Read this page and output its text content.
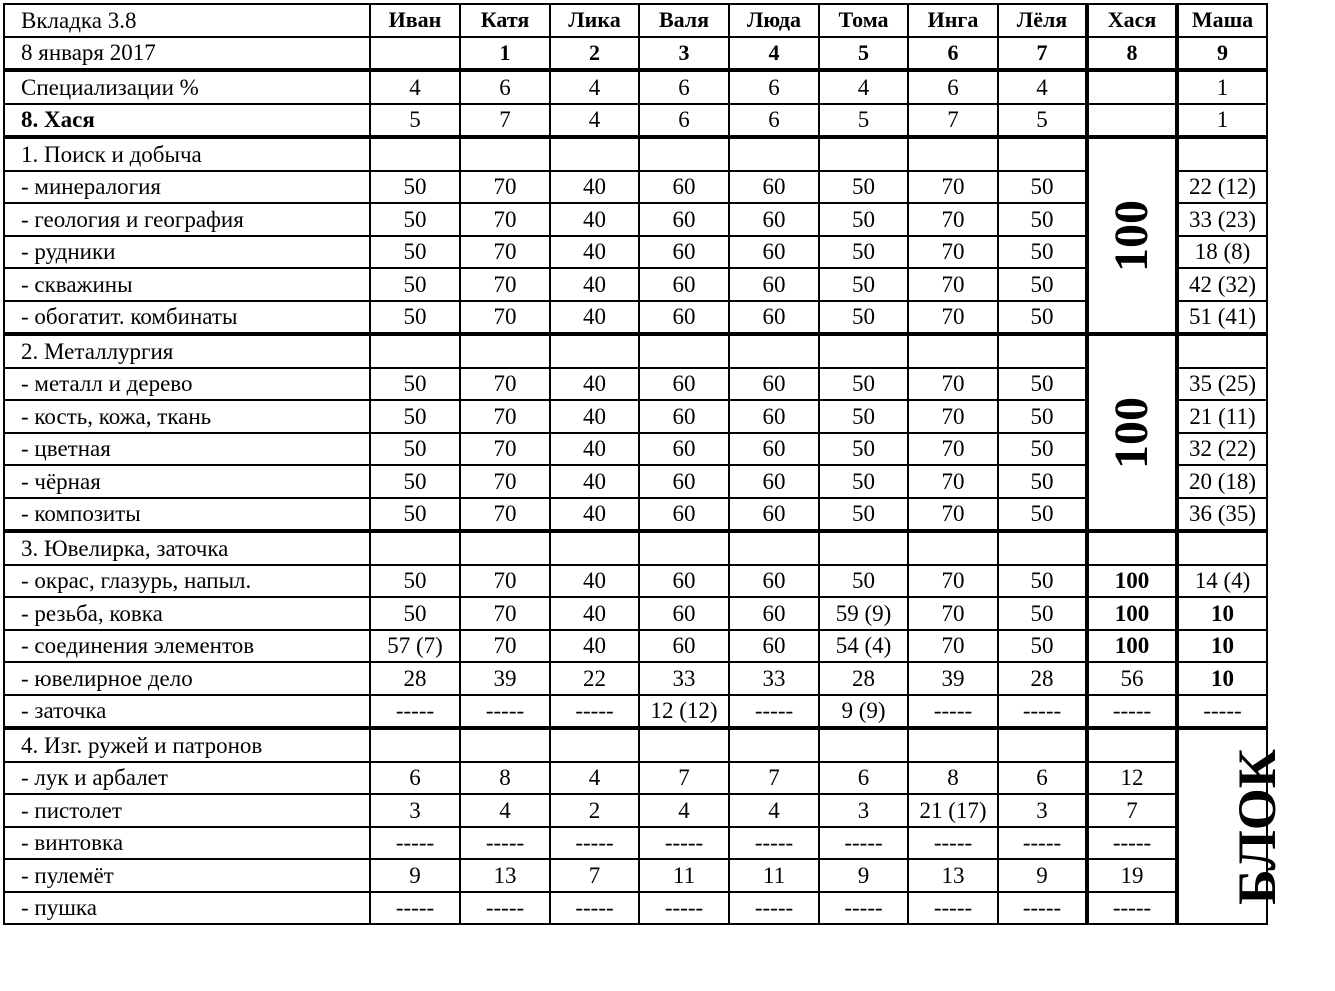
Вкладка 3.8	Иван	Катя	Лика	Валя	Люда	Тома	Инга	Лёля	Хася	Маша
8 января 2017		1	2	3	4	5	6	7	8	9
Специализации %	4	6	4	6	6	4	6	4		1
8. Хася	5	7	4	6	6	5	7	5		1
1. Поиск и добыча									100	
- минералогия	50	70	40	60	60	50	70	50		22 (12)
- геология и география	50	70	40	60	60	50	70	50		33 (23)
- рудники	50	70	40	60	60	50	70	50		18 (8)
- скважины	50	70	40	60	60	50	70	50		42 (32)
- обогатит. комбинаты	50	70	40	60	60	50	70	50		51 (41)
2. Металлургия									100	
- металл и дерево	50	70	40	60	60	50	70	50		35 (25)
- кость, кожа, ткань	50	70	40	60	60	50	70	50		21 (11)
- цветная	50	70	40	60	60	50	70	50		32 (22)
- чёрная	50	70	40	60	60	50	70	50		20 (18)
- композиты	50	70	40	60	60	50	70	50		36 (35)
3. Ювелирка, заточка										
- окрас, глазурь, напыл.	50	70	40	60	60	50	70	50	100	14 (4)
- резьба, ковка	50	70	40	60	60	59 (9)	70	50	100	10
- соединения элементов	57 (7)	70	40	60	60	54 (4)	70	50	100	10
- ювелирное дело	28	39	22	33	33	28	39	28	56	10
- заточка	-----	-----	-----	12 (12)	-----	9 (9)	-----	-----	-----	-----
4. Изг. ружей и патронов										БЛОК
- лук и арбалет	6	8	4	7	7	6	8	6	12	
- пистолет	3	4	2	4	4	3	21 (17)	3	7	
- винтовка	-----	-----	-----	-----	-----	-----	-----	-----	-----	
- пулемёт	9	13	7	11	11	9	13	9	19	
- пушка	-----	-----	-----	-----	-----	-----	-----	-----	-----	
